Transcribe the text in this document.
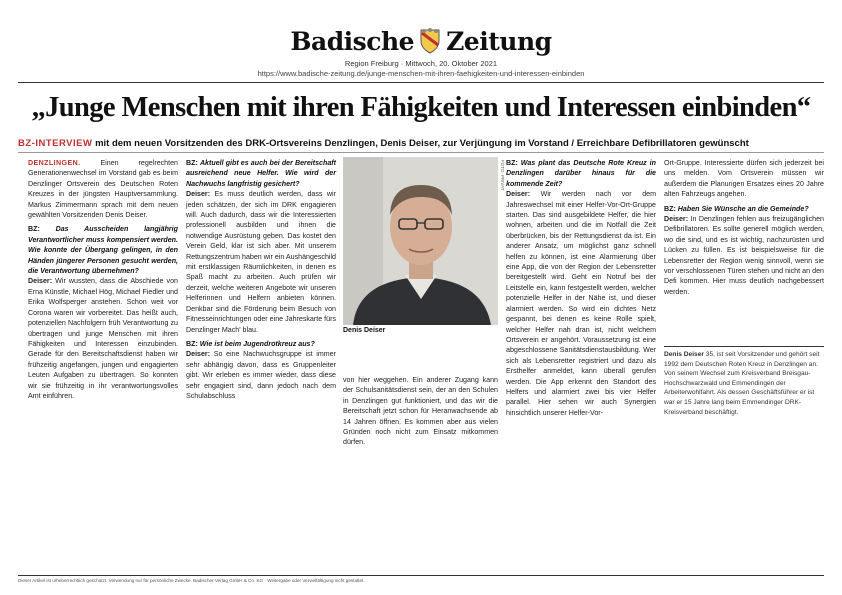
Badische Zeitung
Region Freiburg · Mittwoch, 20. Oktober 2021
https://www.badische-zeitung.de/junge-menschen-mit-ihren-faehigkeiten-und-interessen-einbinden
„Junge Menschen mit ihren Fähigkeiten und Interessen einbinden“
BZ-INTERVIEW mit dem neuen Vorsitzenden des DRK-Ortsvereins Denzlingen, Denis Deiser, zur Verjüngung im Vorstand / Erreichbare Defibrillatoren gewünscht

DENZLINGEN.	Einen regelrechten Generationenwechsel im Vorstand gab es beim Denzlinger Ortsverein des Deutschen Roten Kreuzes in der jüngsten Hauptversammlung. Markus Zimmermann sprach mit dem neuen gewählten Vorsitzenden Denis Deiser.

BZ: Das Ausscheiden langjährig Verantwortlicher muss kompensiert werden. Wie konnte der Übergang gelingen, in den Händen jüngerer Personen gesucht werden, die Verantwortung übernehmen?

Deiser: Wir wussten, dass die Abschiede von Erna Künstle, Michael Hög, Michael Fiedler und Erika Wolfsperger anstehen. Schon weit vor Corona waren wir vorbereitet. Das heißt auch, potenziellen Nachfolgern früh Verantwortung zu übertragen und junge Menschen mit ihren Fähigkeiten und Interessen einzubinden. Gerade für den Bereitschaftsdienst haben wir frühzeitig angefangen, jungen und engagierten Leuten Aufgaben zu übertragen. So konnten wir sie frühzeitig in ihr verantwortungsvolles Amt einführen.

BZ: Aktuell gibt es auch bei der Bereitschaft ausreichend neue Helfer. Wie wird der Nachwuchs langfristig gesichert?

Deiser: Es muss deutlich werden, dass wir jeden schätzen, der sich im DRK engagieren will. Auch dadurch, dass wir die Interessierten professionell ausbilden und ihnen die notwendige Ausrüstung geben. Das kostet den Verein Geld, klar ist sich aber. Mit unserem Rettungszentrum haben wir ein Aushängeschild mit erstklassigen Räumlichkeiten, in denen es Spaß macht zu arbeiten. Auch prüfen wir derzeit, welche weiteren Angebote wir unseren Helferinnen und Helfern anbieten können. Denkbar sind die Förderung beim Besuch von Fitnesseinrichtungen oder eine Jahreskarte fürs Denzlinger Mach' blau.

BZ: Wie ist beim Jugendrotkreuz aus?

Deiser: So eine Nachwuchsgruppe ist immer sehr abhängig davon, dass es Gruppenleiter gibt. Wir erleben es immer wieder, dass diese sehr engagiert sind, dann jedoch nach dem Schulabschluss

FOTO: PRIVAT
Denis Deiser

von hier weggehen. Ein anderer Zugang kann der Schulsanitätsdienst sein, der an den Schulen in Denzlingen gut funktioniert, und das wir die Bereitschaft jetzt schon für Heranwachsende ab 14 Jahren öffnen. Es kommen aber aus vielen Gründen noch nicht zum Einsatz mitkommen dürfen.

BZ: Was plant das Deutsche Rote Kreuz in Denzlingen darüber hinaus für die kommende Zeit?

Deiser: Wir werden nach vor dem Jahreswechsel mit einer Helfer-Vor-Ort-Gruppe starten. Das sind ausgebildete Helfer, die hier wohnen, arbeiten und die im Notfall die Zeit überbrücken, bis der Rettungsdienst da ist. Ein anderer Ansatz, um möglichst ganz schnell helfen zu können, ist eine Alarmierung über eine App, die von der Region der Lebensretter bereitgestellt wird. Geht ein Notruf bei der Leitstelle ein, kann festgestellt werden, welcher potenzielle Helfer in der Nähe ist, und dieser alarmiert werden. So wird ein dichtes Netz gespannt, bei denen es keine Rolle spielt, welcher Helfer nah dran ist, nicht welchem Ortsverein er angehört. Voraussetzung ist eine abgeschlossene Sanitätsdienstausbildung. Wer sich als Lebensretter registriert und dazu als Ersthelfer anmeldet, kann überall gerufen werden. Die App erkennt den Standort des Helfers und alarmiert zwei bis vier Helfer parallel. Hier sehen wir auch Synergien hinsichtlich unserer Helfer-Vor-

Ort-Gruppe. Interessierte dürfen sich jederzeit bei uns melden. Vom Ortsverein müssen wir außerdem die Planungen Ersatzes eines 20 Jahre alten Fahrzeugs angehen.

BZ: Haben Sie Wünsche an die Gemeinde?

Deiser: In Denzlingen fehlen aus freizugänglichen Defibrillatoren. Es sollte generell möglich werden, wo die sind, und es ist wichtig, nachzurüsten und Lücken zu füllen. Es ist beispielsweise für die Lebensretter der Region wenig sinnvoll, wenn sie vor verschlossenen Türen stehen und nicht an den Defi kommen. Hier muss deutlich nachgebessert werden.

Denis Deiser 35, ist seit Vorsitzender und gehört seit 1992 dem Deutschen Roten Kreuz in Denzlingen an. Von seinem Wechsel zum Kreisverband Breisgau-Hochschwarzwald und Emmendingen der Arbeiterwohlfahrt. Als dessen Geschäftsführer er ist war er 15 Jahre lang beim Emmendinger DRK-Kreisverband beschäftigt.
Dieser Artikel ist urheberrechtlich geschützt. Verwendung nur für persönliche Zwecke. Badischer Verlag GmbH & Co. KG · Weitergabe oder Vervielfältigung nicht gestattet.
